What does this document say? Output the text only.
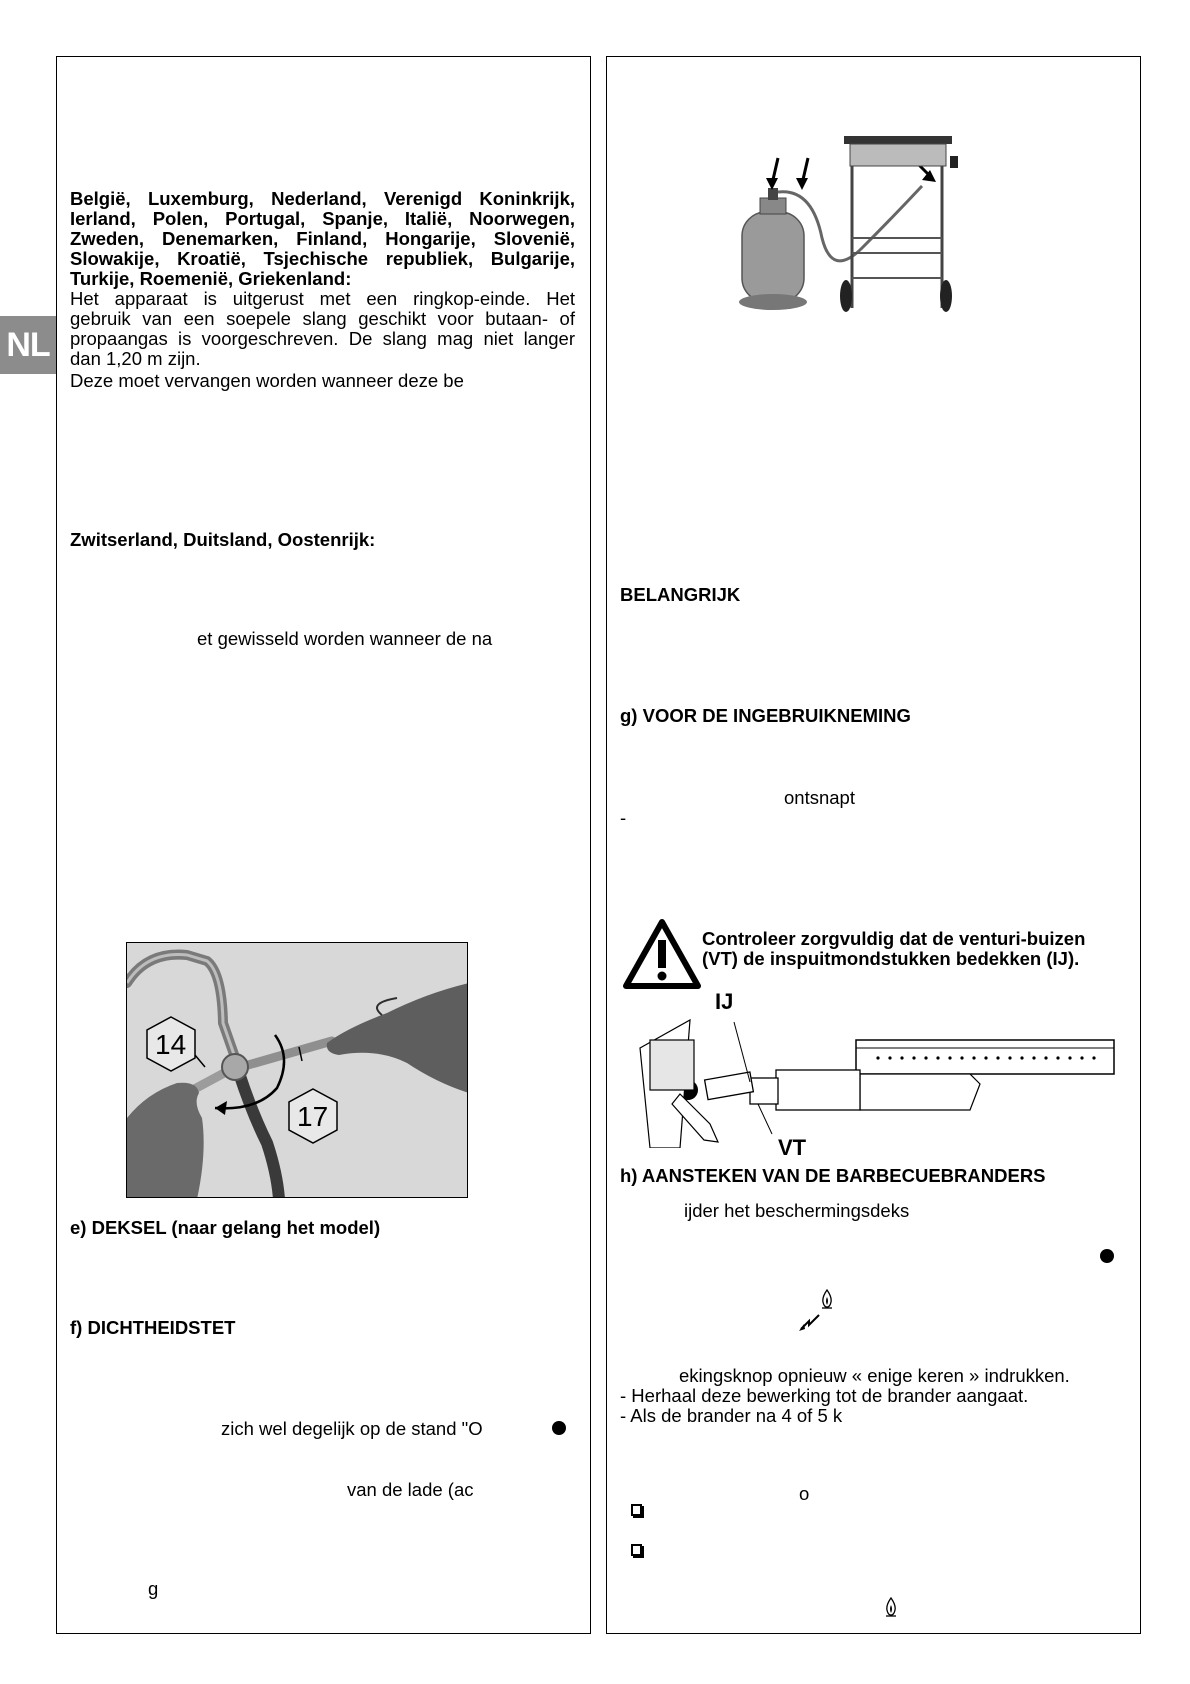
NL
België, Luxemburg, Nederland, Verenigd Koninkrijk,
Ierland, Polen, Portugal, Spanje, Italië, Noorwegen,
Zweden, Denemarken, Finland, Hongarije, Slovenië,
Slowakije, Kroatië, Tsjechische republiek, Bulgarije,
Turkije, Roemenië, Griekenland:
Het apparaat is uitgerust met een ringkop-einde. Het
gebruik van een soepele slang geschikt voor butaan- of
propaangas is voorgeschreven. De slang mag niet langer
dan 1,20 m zijn.
Deze moet vervangen worden wanneer deze be
Zwitserland, Duitsland, Oostenrijk:
et gewisseld worden wanneer de na
14
17
e) DEKSEL (naar gelang het model)
f) DICHTHEIDSTET
zich wel degelijk op de stand "O
van de lade (ac
g
BELANGRIJK
g) VOOR DE INGEBRUIKNEMING
ontsnapt
-
Controleer zorgvuldig dat de venturi-buizen
(VT) de inspuitmondstukken bedekken (IJ).
IJ
VT
h) AANSTEKEN VAN DE BARBECUEBRANDERS
ijder het beschermingsdeks
ekingsknop opnieuw « enige keren » indrukken.
- Herhaal deze bewerking tot de brander aangaat.
- Als de brander na 4 of 5 k
o
